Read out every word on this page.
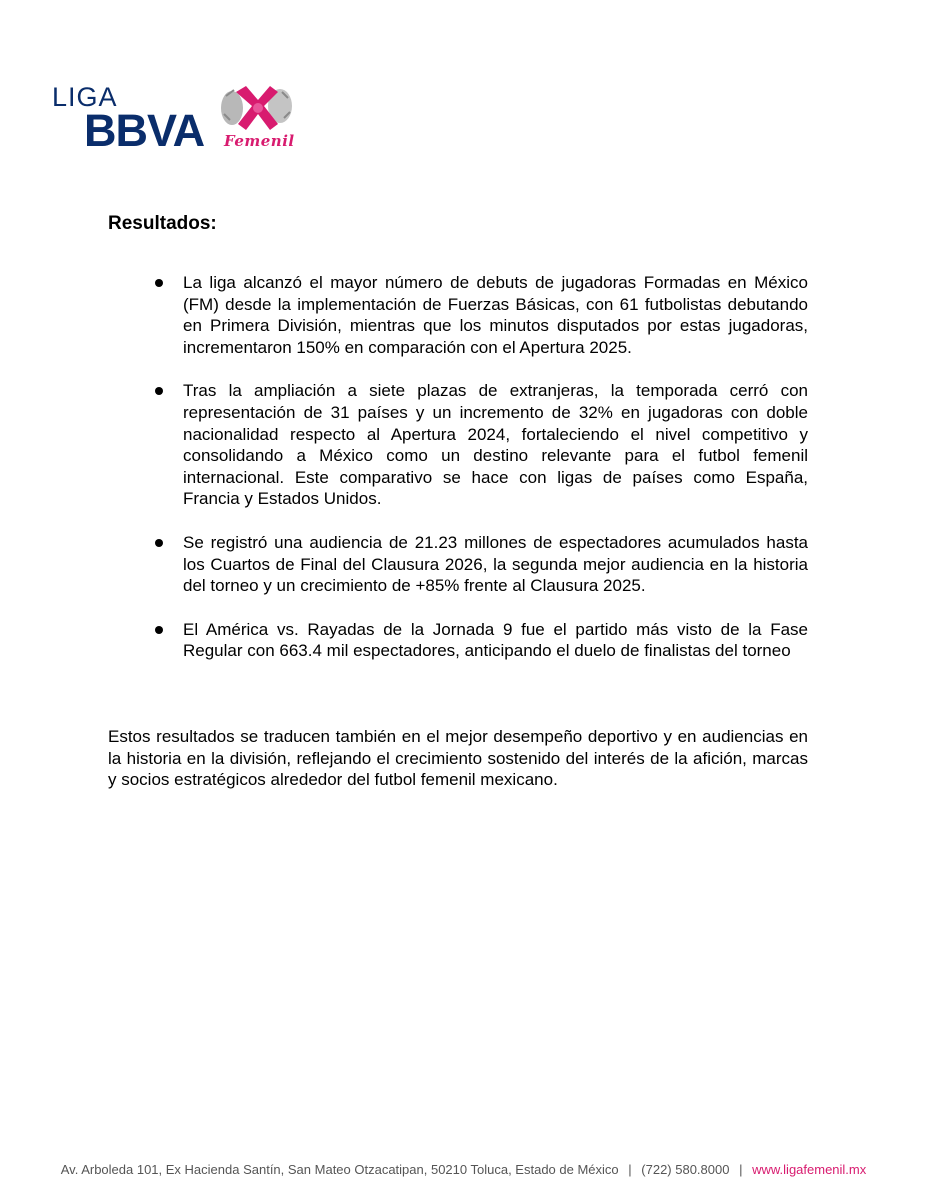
LIGA
BBVA Femenil
Resultados:
La liga alcanzó el mayor número de debuts de jugadoras Formadas en México (FM) desde la implementación de Fuerzas Básicas, con 61 futbolistas debutando en Primera División, mientras que los minutos disputados por estas jugadoras, incrementaron 150% en comparación con el Apertura 2025.
Tras la ampliación a siete plazas de extranjeras, la temporada cerró con representación de 31 países y un incremento de 32% en jugadoras con doble nacionalidad respecto al Apertura 2024, fortaleciendo el nivel competitivo y consolidando a México como un destino relevante para el futbol femenil internacional. Este comparativo se hace con ligas de países como España, Francia y Estados Unidos.
Se registró una audiencia de 21.23 millones de espectadores acumulados hasta los Cuartos de Final del Clausura 2026, la segunda mejor audiencia en la historia del torneo y un crecimiento de +85% frente al Clausura 2025.
El América vs. Rayadas de la Jornada 9 fue el partido más visto de la Fase Regular con 663.4 mil espectadores, anticipando el duelo de finalistas del torneo

Estos resultados se traducen también en el mejor desempeño deportivo y en audiencias en la historia en la división, reflejando el crecimiento sostenido del interés de la afición, marcas y socios estratégicos alrededor del futbol femenil mexicano.

Av. Arboleda 101, Ex Hacienda Santín, San Mateo Otzacatipan, 50210 Toluca, Estado de México | (722) 580.8000 | www.ligafemenil.mx
